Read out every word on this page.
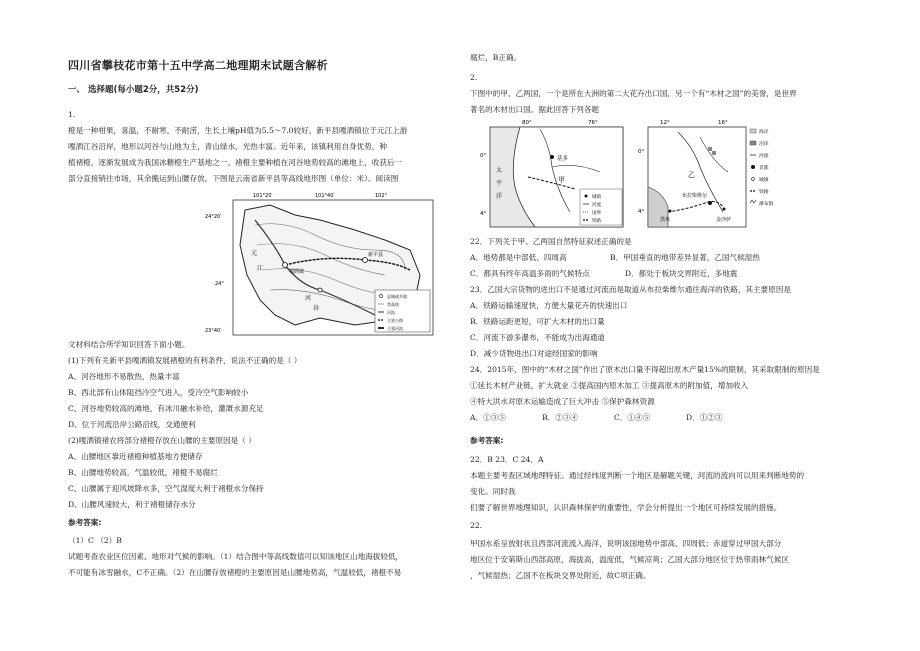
四川省攀枝花市第十五中学高二地理期末试题含解析
一、 选择题(每小题2分，共52分)
1.
橙是一种柑果，喜温，不耐寒，不耐涝，生长土壤pH值为5.5～7.0较好。新平县嘎洒镇位于元江上游
嘎洒江谷沿岸，地形以河谷与山地为主，青山绿水，光热丰富。近年来，该镇利用自身优势，种
植褚橙，逐渐发展成为我国冰糖橙生产基地之一。褚橙主要种植在河谷地势较高的滩地上，收获后一
部分直接销往市场，其余搬运到山腰存放。下图是云南省新平县等高线地形图（单位：米）。阅读图
文材料结合所学知识回答下面小题。
(1)下列有关新平县嘎洒镇发展褚橙的有利条件，说法不正确的是（ ）
A、河谷地形不易散热，热量丰富
B、西北部有山体阻挡冷空气进入，受冷空气影响较小
C、河谷地势较高的滩地，有冰川融水补给，灌溉水源充足
D、位于河流沿岸公路沿线，交通便利
(2)嘎洒镇褚农将部分褚橙存放在山腰的主要原因是（ ）
A、山腰地区靠近褚橙种植基地方便储存
B、山腰地势较高，气温较低，褚橙不易腐烂
C、山腰属于迎风坡降水多，空气湿度大利于褚橙水分保持
D、山腰风速较大，利于褚橙储存水分
参考答案:
（1）C （2）B
试题考查农业区位因素、地形对气候的影响。（1）结合图中等高线数值可以知该地区山地海拔较低，
不可能有冰雪融水，C不正确。（2）在山腰存放褚橙的主要原因是山腰地势高，气温较低，褚橙不易
101°20′	101°40′	102°
24°20′
24°
23°40′
嘎洒镇
新平县
元
江
河
谷
县城或乡镇
等高线
河流
主要公路
主要河流
腐烂，B正确。
2.
下图中的甲、乙两国，一个是所在大洲的第二大花卉出口国，另一个有“木材之国”的美誉，是世界
著名的木材出口国。据此回答下列各题
22．下列关于甲、乙两国自然特征叙述正确的是
A．地势都是中部低、四周高	B．甲国垂直的地带差异显著，乙国气候湿热
C．都具有终年高温多雨的气候特点	D．都处于板块交界附近，多地震
23．乙国大宗货物的进出口不是通过河流而是取道从布拉柴维尔通往海洋的铁路，其主要原因是
A．铁路运输速度快，方便大量花卉的快速出口
B．铁路运距更短，可扩大木材的出口量
C．河流下游多瀑布，不能成为出海通道
D．减少货物进出口对途经国家的影响
24．2015年，图中的“木材之国”作出了原木出口量不得超出原木产量15%的限制，其采取限制的原因是
①延长木材产业链，扩大就业 ②提高国内原木加工 ③提高原木的附加值，增加收入
④特大洪水对原木运输造成了巨大冲击 ⑤保护森林资源
A．①③⑤	B．②③④	C．①④⑤	D．①②③
参考答案:
22．B 23．C 24．A
本题主要考查区域地理特征。通过经纬度判断一个地区是解题关键，河流的流向可以用来判断地势的
变化。同时我
们要了解世界地理知识，认识森林保护的重要性，学会分析提出一个地区可持续发展的措施。
22.
甲国水系呈放射状且西部河流流入海洋，说明该国地势中部高、四周低；赤道穿过甲国大部分
地区位于安第斯山西部高原，海拔高，温度低，气候凉爽；乙国大部分地区位于热带雨林气候区
，气候湿热；乙国不在板块交界处附近，故C项正确。
80°	76°
0°
4°
基多
甲
太
平
洋	城镇
河流
国界
铁路
12°	16°
0°
4°
乙
布拉柴维尔
黑角	金沙萨
海洋
沼泽
河流
首都
城镇
铁路
瀑布群
